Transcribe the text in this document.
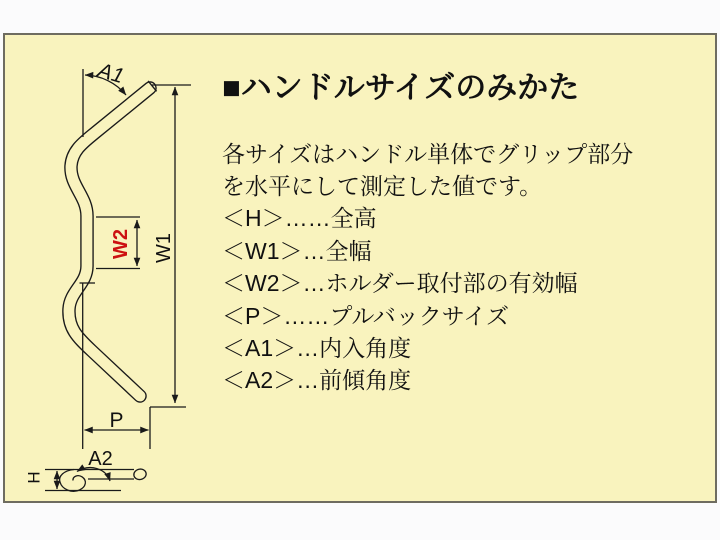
A1
W1
W2
P
A2
H
■ハンドルサイズのみかた
各サイズはハンドル単体でグリップ部分
を水平にして測定した値です。
＜H＞……全高
＜W1＞…全幅
＜W2＞…ホルダー取付部の有効幅
＜P＞……プルバックサイズ
＜A1＞…内入角度
＜A2＞…前傾角度
